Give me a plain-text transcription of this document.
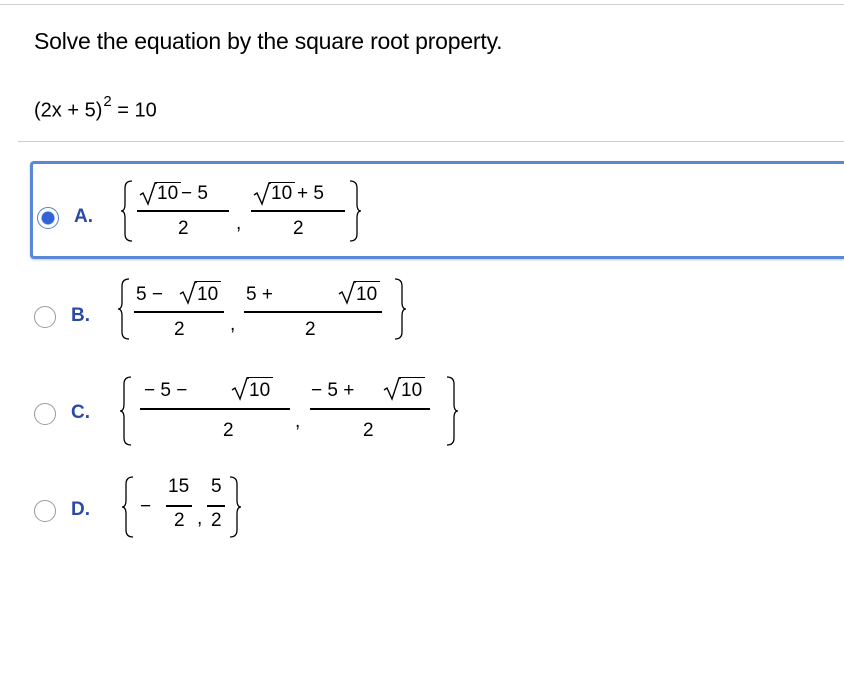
Solve the equation by the square root property.
$(2x + 5)^2 = 10$
A.
10 − 5
2 ,
10 + 5
2
B.
5 − 10
2 ,
5 +	10
2
C.
− 5 −	10
2	,
− 5 + 10
2
D.	−
15
2 ,
5
2
